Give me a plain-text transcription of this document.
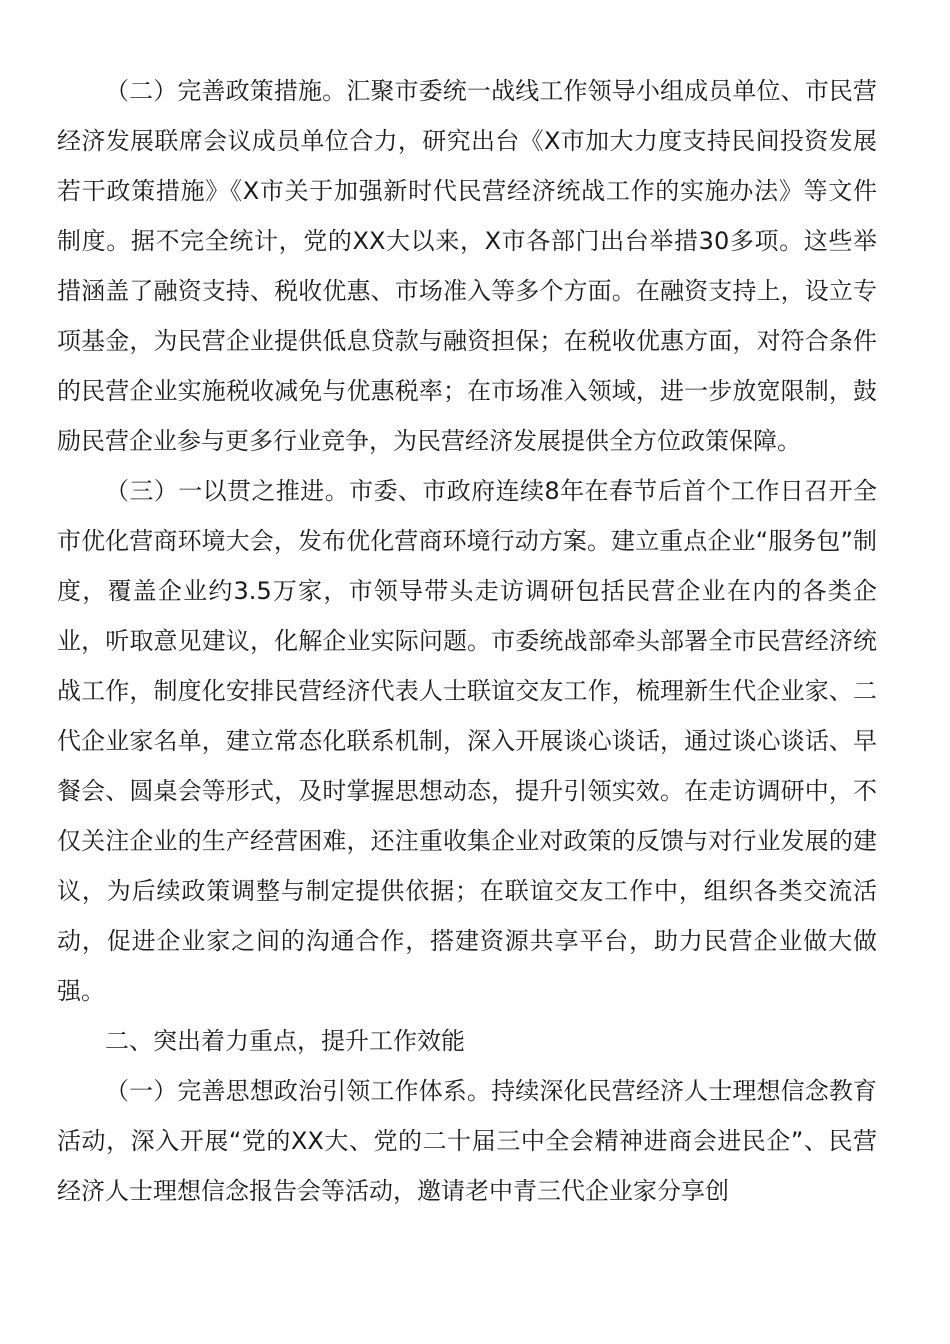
（二）完善政策措施。汇聚市委统一战线工作领导小组成员单位、市民营经济发展联席会议成员单位合力，研究出台《X市加大力度支持民间投资发展若干政策措施》《X市关于加强新时代民营经济统战工作的实施办法》等文件制度。据不完全统计，党的XX大以来，X市各部门出台举措30多项。这些举措涵盖了融资支持、税收优惠、市场准入等多个方面。在融资支持上，设立专项基金，为民营企业提供低息贷款与融资担保；在税收优惠方面，对符合条件的民营企业实施税收减免与优惠税率；在市场准入领域，进一步放宽限制，鼓励民营企业参与更多行业竞争，为民营经济发展提供全方位政策保障。

（三）一以贯之推进。市委、市政府连续8年在春节后首个工作日召开全市优化营商环境大会，发布优化营商环境行动方案。建立重点企业“服务包”制度，覆盖企业约3.5万家，市领导带头走访调研包括民营企业在内的各类企业，听取意见建议，化解企业实际问题。市委统战部牵头部署全市民营经济统战工作，制度化安排民营经济代表人士联谊交友工作，梳理新生代企业家、二代企业家名单，建立常态化联系机制，深入开展谈心谈话，通过谈心谈话、早餐会、圆桌会等形式，及时掌握思想动态，提升引领实效。在走访调研中，不仅关注企业的生产经营困难，还注重收集企业对政策的反馈与对行业发展的建议，为后续政策调整与制定提供依据；在联谊交友工作中，组织各类交流活动，促进企业家之间的沟通合作，搭建资源共享平台，助力民营企业做大做强。

二、突出着力重点，提升工作效能

（一）完善思想政治引领工作体系。持续深化民营经济人士理想信念教育活动，深入开展“党的XX大、党的二十届三中全会精神进商会进民企”、民营经济人士理想信念报告会等活动，邀请老中青三代企业家分享创
